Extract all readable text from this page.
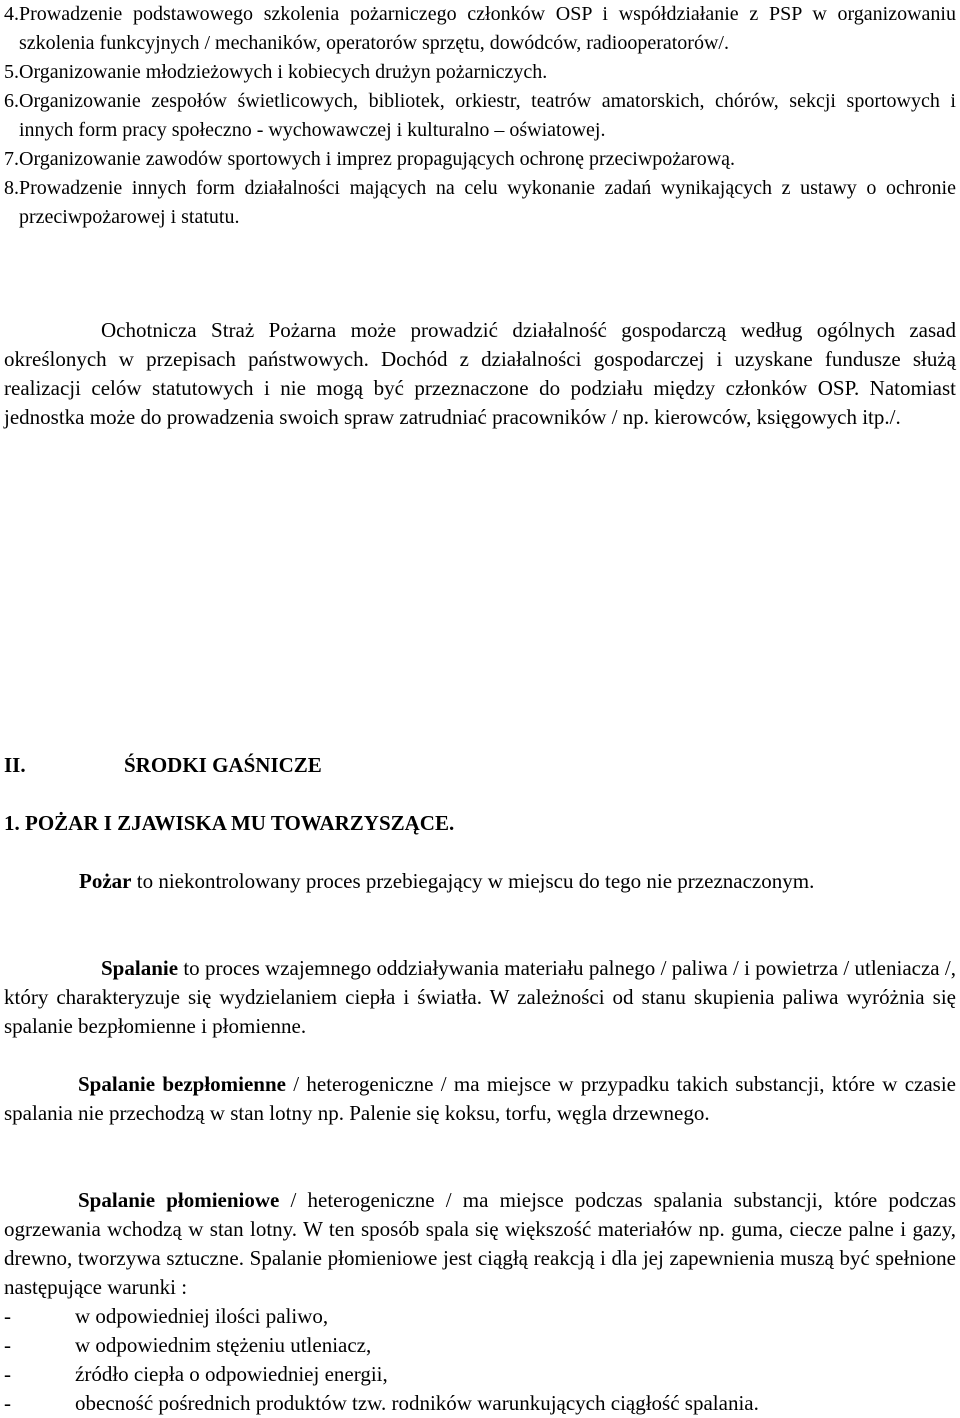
4. Prowadzenie podstawowego szkolenia pożarniczego członków OSP i współdziałanie z PSP w organizowaniu szkolenia funkcyjnych / mechaników, operatorów sprzętu, dowódców, radiooperatorów/.
5. Organizowanie młodzieżowych i kobiecych drużyn pożarniczych.
6. Organizowanie zespołów świetlicowych, bibliotek, orkiestr, teatrów amatorskich, chórów, sekcji sportowych i innych form pracy społeczno - wychowawczej i kulturalno – oświatowej.
7. Organizowanie zawodów sportowych i imprez propagujących ochronę przeciwpożarową.
8. Prowadzenie innych form działalności mających na celu wykonanie zadań wynikających z ustawy o ochronie przeciwpożarowej i statutu.

Ochotnicza Straż Pożarna może prowadzić działalność gospodarczą według ogólnych zasad określonych w przepisach państwowych. Dochód z działalności gospodarczej i uzyskane fundusze służą realizacji celów statutowych i nie mogą być przeznaczone do podziału między członków OSP. Natomiast jednostka może do prowadzenia swoich spraw zatrudniać pracowników / np. kierowców, księgowych itp./.

II.	ŚRODKI GAŚNICZE
1. POŻAR I ZJAWISKA MU TOWARZYSZĄCE.

Pożar to niekontrolowany proces przebiegający w miejscu do tego nie przeznaczonym.

Spalanie to proces wzajemnego oddziaływania materiału palnego / paliwa / i powietrza / utleniacza /, który charakteryzuje się wydzielaniem ciepła i światła. W zależności od stanu skupienia paliwa wyróżnia się spalanie bezpłomienne i płomienne.

Spalanie bezpłomienne / heterogeniczne / ma miejsce w przypadku takich substancji, które w czasie spalania nie przechodzą w stan lotny np. Palenie się koksu, torfu, węgla drzewnego.

Spalanie płomieniowe / heterogeniczne / ma miejsce podczas spalania substancji, które podczas ogrzewania wchodzą w stan lotny. W ten sposób spala się większość materiałów np. guma, ciecze palne i gazy, drewno, tworzywa sztuczne. Spalanie płomieniowe jest ciągłą reakcją i dla jej zapewnienia muszą być spełnione następujące warunki :

-	w odpowiedniej ilości paliwo,
-	w odpowiednim stężeniu utleniacz,
-	źródło ciepła o odpowiedniej energii,
-	obecność pośrednich produktów tzw. rodników warunkujących ciągłość spalania.
